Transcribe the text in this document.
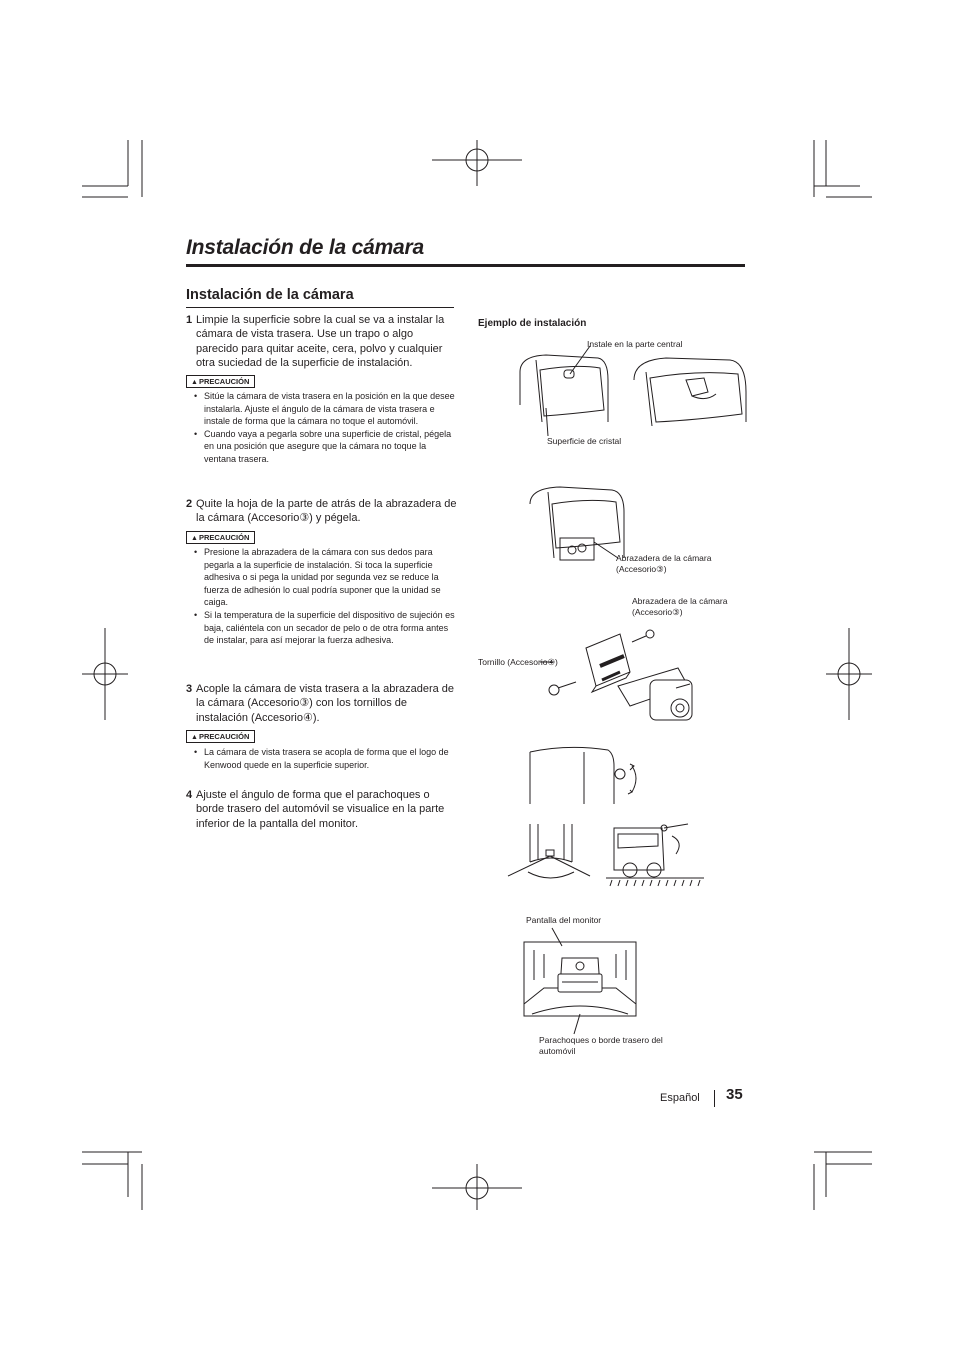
Instalación de la cámara
Instalación de la cámara
1 Limpie la superficie sobre la cual se va a instalar la cámara de vista trasera. Use un trapo o algo parecido para quitar aceite, cera, polvo y cualquier otra suciedad de la superficie de instalación.
▲PRECAUCIÓN
• Sitúe la cámara de vista trasera en la posición en la que desee instalarla. Ajuste el ángulo de la cámara de vista trasera e instale de forma que la cámara no toque el automóvil.
• Cuando vaya a pegarla sobre una superficie de cristal, pégela en una posición que asegure que la cámara no toque la ventana trasera.
2 Quite la hoja de la parte de atrás de la abrazadera de la cámara (Accesorio③) y pégela.
▲PRECAUCIÓN
• Presione la abrazadera de la cámara con sus dedos para pegarla a la superficie de instalación. Si toca la superficie adhesiva o si pega la unidad por segunda vez se reduce la fuerza de adhesión lo cual podría suponer que la unidad se caiga.
• Si la temperatura de la superficie del dispositivo de sujeción es baja, caliéntela con un secador de pelo o de otra forma antes de instalar, para así mejorar la fuerza adhesiva.
3 Acople la cámara de vista trasera a la abrazadera de la cámara (Accesorio③) con los tornillos de instalación (Accesorio④).
▲PRECAUCIÓN
• La cámara de vista trasera se acopla de forma que el logo de Kenwood quede en la superficie superior.
4 Ajuste el ángulo de forma que el parachoques o borde trasero del automóvil se visualice en la parte inferior de la pantalla del monitor.
Ejemplo de instalación
Instale en la parte central
Superficie de cristal
Abrazadera de la cámara (Accesorio③)
Abrazadera de la cámara (Accesorio③)
Tornillo (Accesorio④)
Pantalla del monitor
Parachoques o borde trasero del automóvil
Español 35
